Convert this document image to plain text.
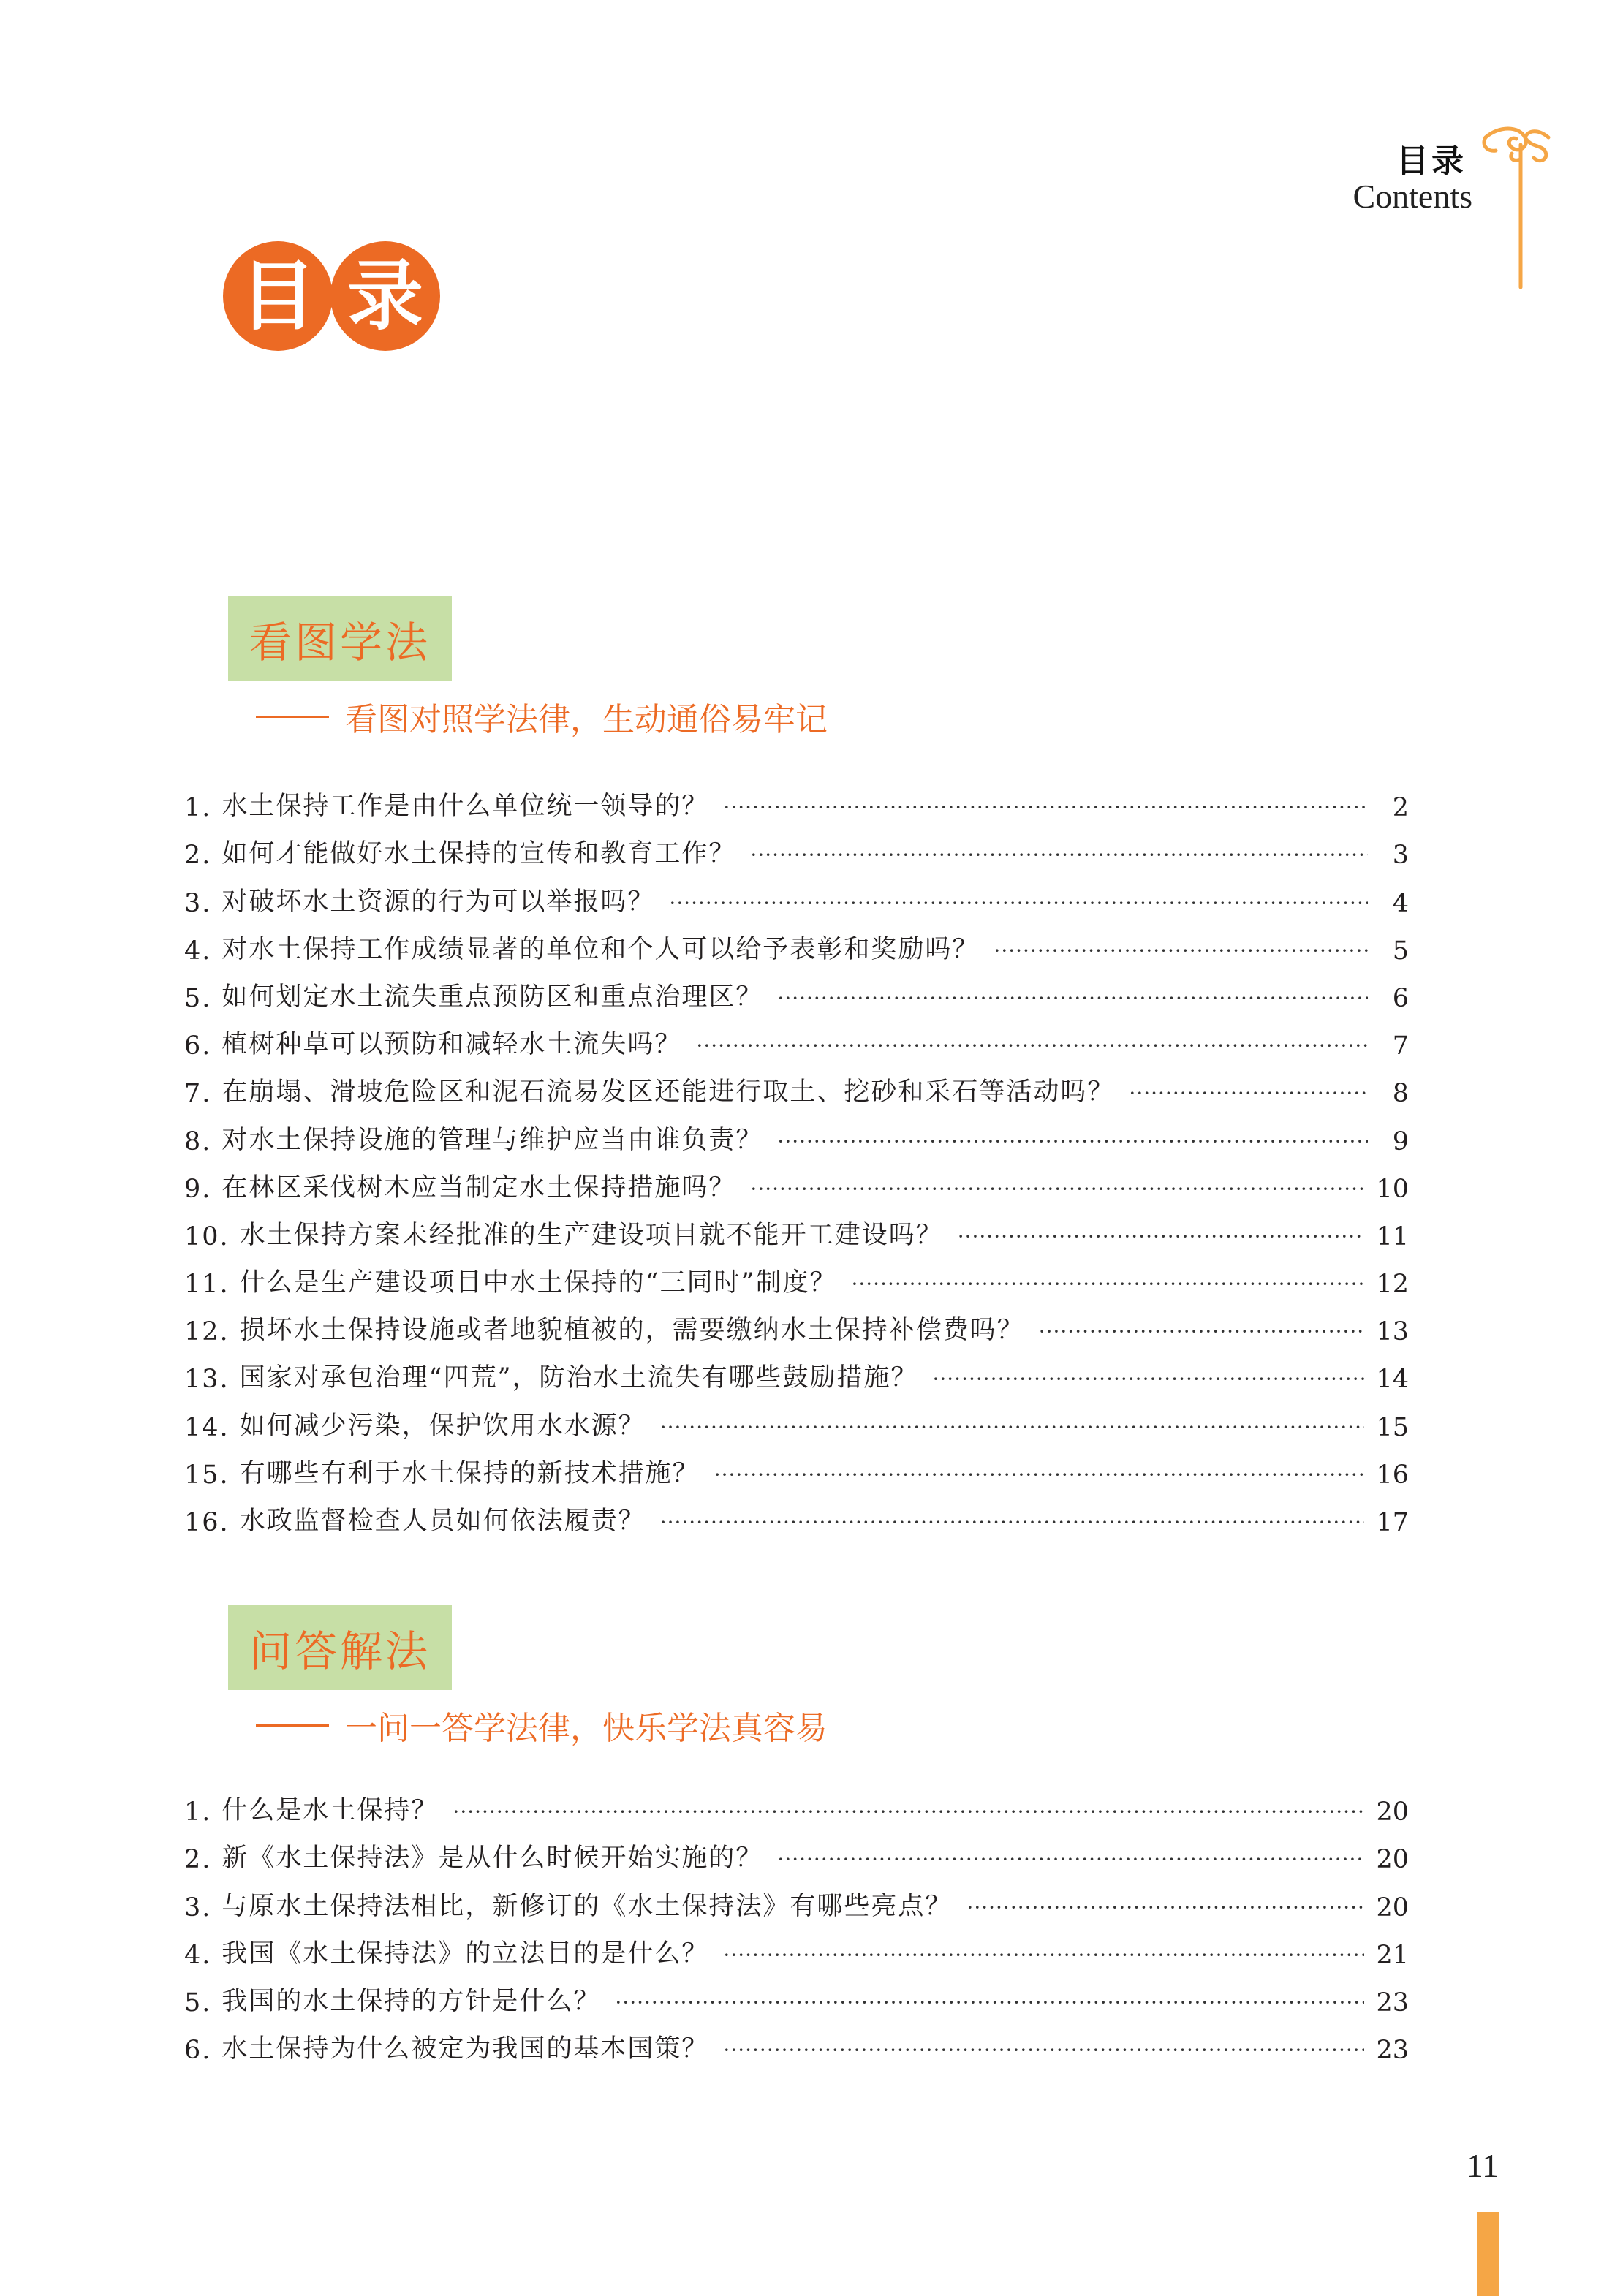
目录
Contents
目 录
看图学法
看图对照学法律，生动通俗易牢记
1. 水土保持工作是由什么单位统一领导的？ ·····	2
2. 如何才能做好水土保持的宣传和教育工作？ ·····	3
3. 对破坏水土资源的行为可以举报吗？ ·····	4
4. 对水土保持工作成绩显著的单位和个人可以给予表彰和奖励吗？ ·····	5
5. 如何划定水土流失重点预防区和重点治理区？ ·····	6
6. 植树种草可以预防和减轻水土流失吗？ ·····	7
7. 在崩塌、滑坡危险区和泥石流易发区还能进行取土、挖砂和采石等活动吗？ ·····	8
8. 对水土保持设施的管理与维护应当由谁负责？ ·····	9
9. 在林区采伐树木应当制定水土保持措施吗？ ·····	10
10. 水土保持方案未经批准的生产建设项目就不能开工建设吗？ ·····	11
11. 什么是生产建设项目中水土保持的“三同时”制度？ ·····	12
12. 损坏水土保持设施或者地貌植被的，需要缴纳水土保持补偿费吗？ ·····	13
13. 国家对承包治理“四荒”，防治水土流失有哪些鼓励措施？ ·····	14
14. 如何减少污染，保护饮用水水源？ ·····	15
15. 有哪些有利于水土保持的新技术措施？ ·····	16
16. 水政监督检查人员如何依法履责？ ·····	17
问答解法
一问一答学法律，快乐学法真容易
1. 什么是水土保持？ ·····	20
2. 新《水土保持法》是从什么时候开始实施的？ ·····	20
3. 与原水土保持法相比，新修订的《水土保持法》有哪些亮点？ ·····	20
4. 我国《水土保持法》的立法目的是什么？ ·····	21
5. 我国的水土保持的方针是什么？ ·····	23
6. 水土保持为什么被定为我国的基本国策？ ·····	23
11
